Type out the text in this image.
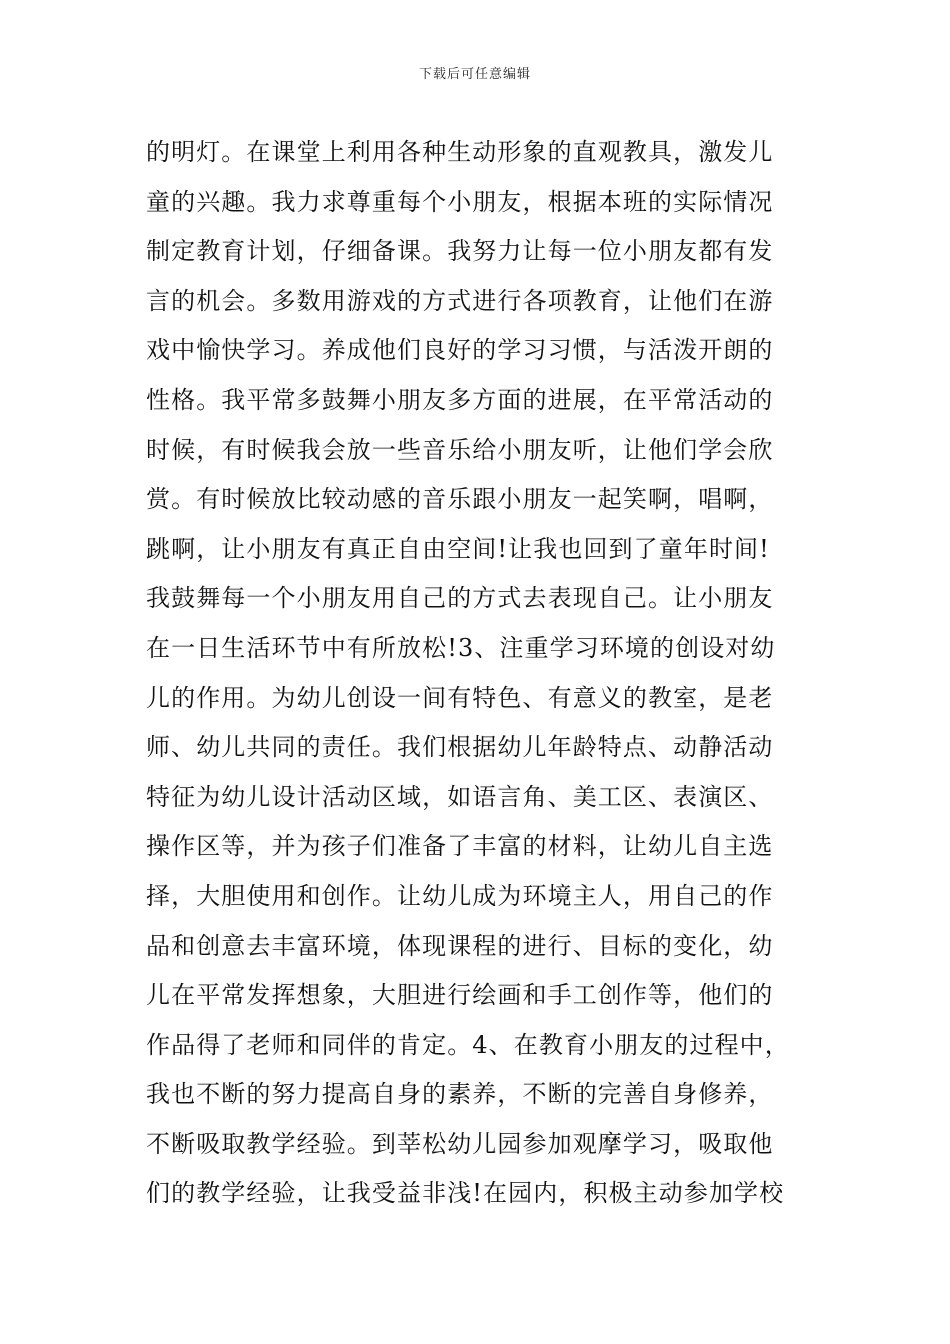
下载后可任意编辑
的明灯。在课堂上利用各种生动形象的直观教具，激发儿
童的兴趣。我力求尊重每个小朋友，根据本班的实际情况
制定教育计划，仔细备课。我努力让每一位小朋友都有发
言的机会。多数用游戏的方式进行各项教育，让他们在游
戏中愉快学习。养成他们良好的学习习惯，与活泼开朗的
性格。我平常多鼓舞小朋友多方面的进展，在平常活动的
时候，有时候我会放一些音乐给小朋友听，让他们学会欣
赏。有时候放比较动感的音乐跟小朋友一起笑啊，唱啊，
跳啊，让小朋友有真正自由空间!让我也回到了童年时间!
我鼓舞每一个小朋友用自己的方式去表现自己。让小朋友
在一日生活环节中有所放松!3、注重学习环境的创设对幼
儿的作用。为幼儿创设一间有特色、有意义的教室，是老
师、幼儿共同的责任。我们根据幼儿年龄特点、动静活动
特征为幼儿设计活动区域，如语言角、美工区、表演区、
操作区等，并为孩子们准备了丰富的材料，让幼儿自主选
择，大胆使用和创作。让幼儿成为环境主人，用自己的作
品和创意去丰富环境，体现课程的进行、目标的变化，幼
儿在平常发挥想象，大胆进行绘画和手工创作等，他们的
作品得了老师和同伴的肯定。4、在教育小朋友的过程中，
我也不断的努力提高自身的素养，不断的完善自身修养，
不断吸取教学经验。到莘松幼儿园参加观摩学习，吸取他
们的教学经验，让我受益非浅!在园内，积极主动参加学校
